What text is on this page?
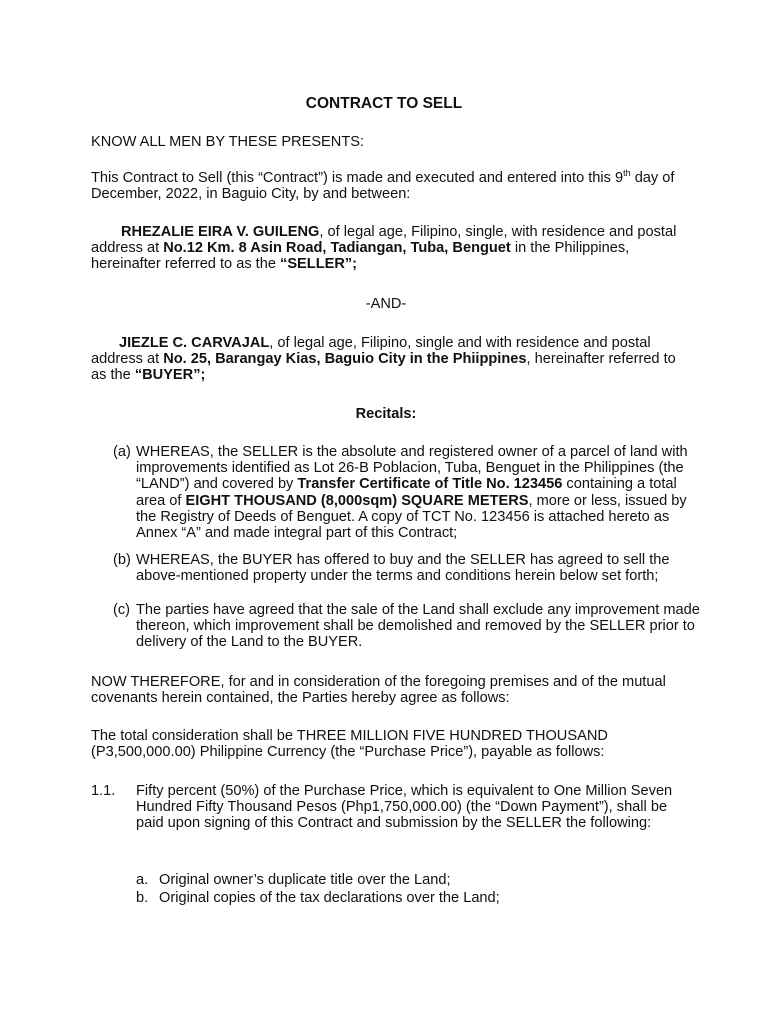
CONTRACT TO SELL
KNOW ALL MEN BY THESE PRESENTS:
This Contract to Sell (this “Contract”) is made and executed and entered into this 9th day of December, 2022, in Baguio City, by and between:
RHEZALIE EIRA V. GUILENG, of legal age, Filipino, single, with residence and postal address at No.12 Km. 8 Asin Road, Tadiangan, Tuba, Benguet in the Philippines, hereinafter referred to as the “SELLER”;
-AND-
JIEZLE C. CARVAJAL, of legal age, Filipino, single and with residence and postal address at No. 25, Barangay Kias, Baguio City in the Phiippines, hereinafter referred to as the “BUYER”;
Recitals:
(a) WHEREAS, the SELLER is the absolute and registered owner of a parcel of land with improvements identified as Lot 26-B Poblacion, Tuba, Benguet in the Philippines (the “LAND”) and covered by Transfer Certificate of Title No. 123456 containing a total area of EIGHT THOUSAND (8,000sqm) SQUARE METERS, more or less, issued by the Registry of Deeds of Benguet. A copy of TCT No. 123456 is attached hereto as Annex “A” and made integral part of this Contract;
(b) WHEREAS, the BUYER has offered to buy and the SELLER has agreed to sell the above-mentioned property under the terms and conditions herein below set forth;
(c) The parties have agreed that the sale of the Land shall exclude any improvement made thereon, which improvement shall be demolished and removed by the SELLER prior to delivery of the Land to the BUYER.
NOW THEREFORE, for and in consideration of the foregoing premises and of the mutual covenants herein contained, the Parties hereby agree as follows:
The total consideration shall be THREE MILLION FIVE HUNDRED THOUSAND (P3,500,000.00) Philippine Currency (the “Purchase Price”), payable as follows:
1.1. Fifty percent (50%) of the Purchase Price, which is equivalent to One Million Seven Hundred Fifty Thousand Pesos (Php1,750,000.00) (the “Down Payment”), shall be paid upon signing of this Contract and submission by the SELLER the following:
a. Original owner’s duplicate title over the Land;
b. Original copies of the tax declarations over the Land;
